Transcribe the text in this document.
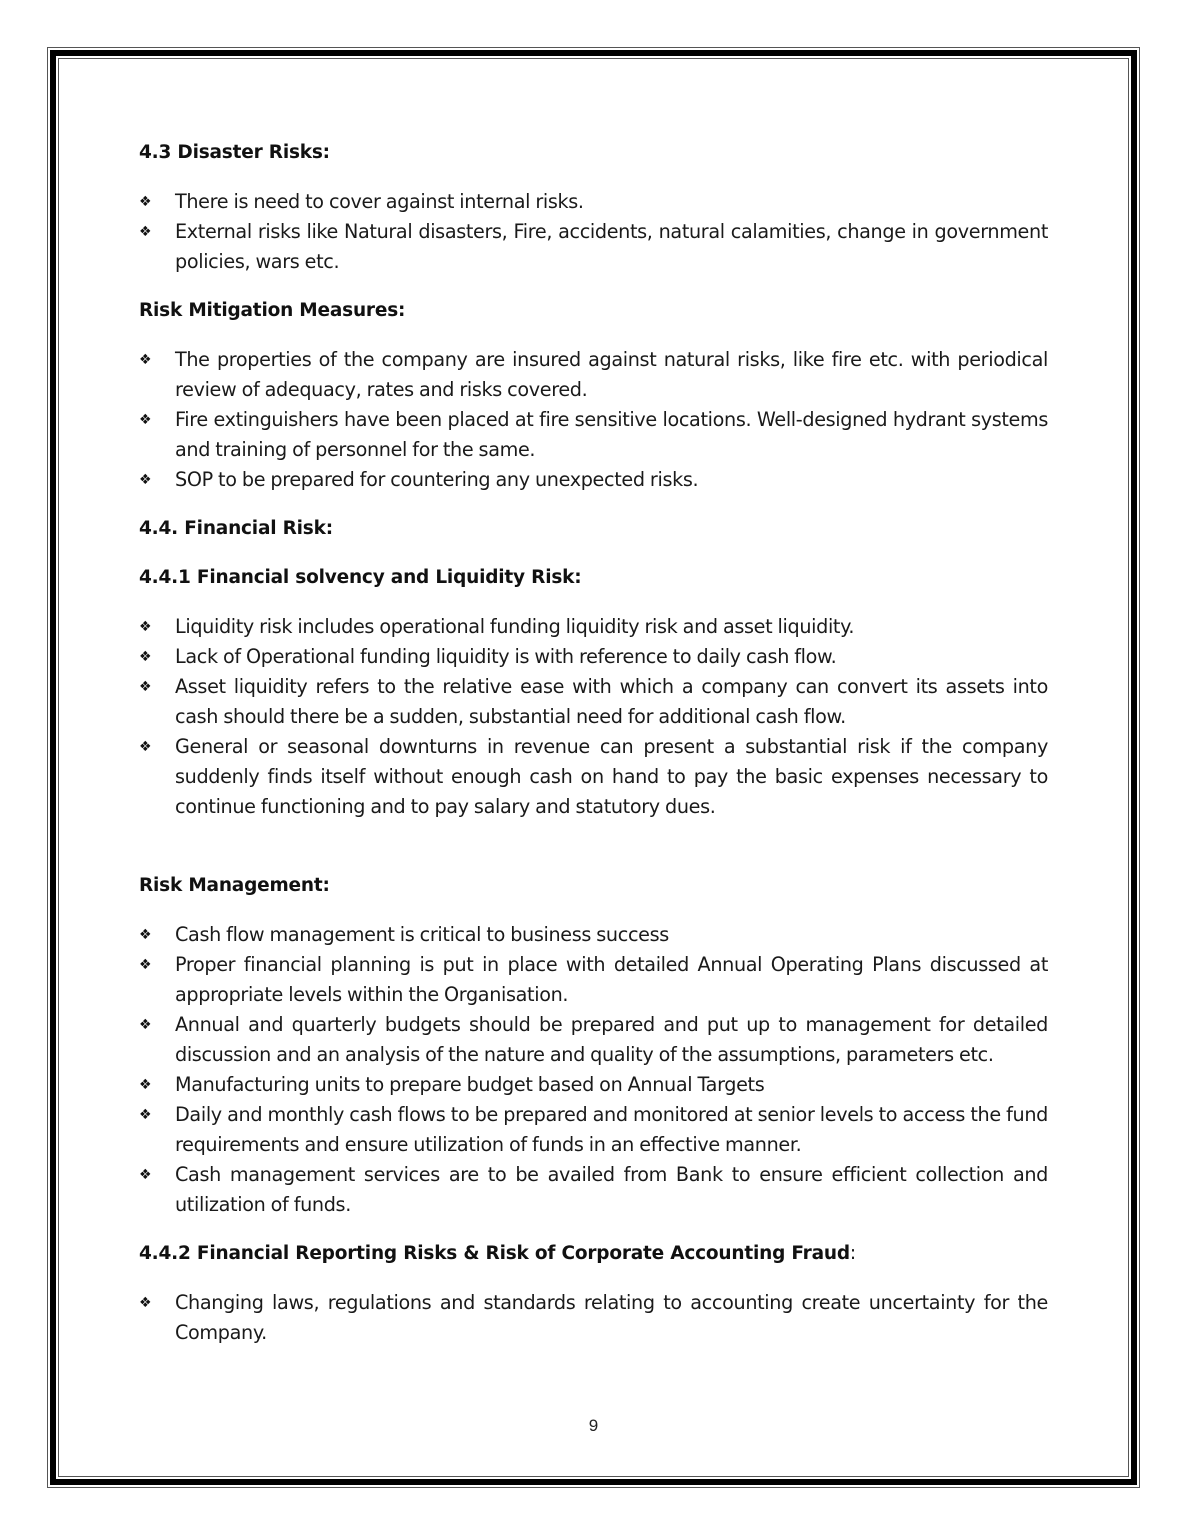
4.3 Disaster Risks:
❖	There is need to cover against internal risks.
❖	External risks like Natural disasters, Fire, accidents, natural calamities, change in government policies, wars etc.
Risk Mitigation Measures:
❖	The properties of the company are insured against natural risks, like fire etc. with periodical review of adequacy, rates and risks covered.
❖	Fire extinguishers have been placed at fire sensitive locations. Well-designed hydrant systems and training of personnel for the same.
❖	SOP to be prepared for countering any unexpected risks.
4.4. Financial Risk:
4.4.1 Financial solvency and Liquidity Risk:
❖	Liquidity risk includes operational funding liquidity risk and asset liquidity.
❖	Lack of Operational funding liquidity is with reference to daily cash flow.
❖	Asset liquidity refers to the relative ease with which a company can convert its assets into cash should there be a sudden, substantial need for additional cash flow.
❖	General or seasonal downturns in revenue can present a substantial risk if the company suddenly finds itself without enough cash on hand to pay the basic expenses necessary to continue functioning and to pay salary and statutory dues.
Risk Management:
❖	Cash flow management is critical to business success
❖	Proper financial planning is put in place with detailed Annual Operating Plans discussed at appropriate levels within the Organisation.
❖	Annual and quarterly budgets should be prepared and put up to management for detailed discussion and an analysis of the nature and quality of the assumptions, parameters etc.
❖	Manufacturing units to prepare budget based on Annual Targets
❖	Daily and monthly cash flows to be prepared and monitored at senior levels to access the fund requirements and ensure utilization of funds in an effective manner.
❖	Cash management services are to be availed from Bank to ensure efficient collection and utilization of funds.
4.4.2 Financial Reporting Risks & Risk of Corporate Accounting Fraud:
❖	Changing laws, regulations and standards relating to accounting create uncertainty for the Company.
9
